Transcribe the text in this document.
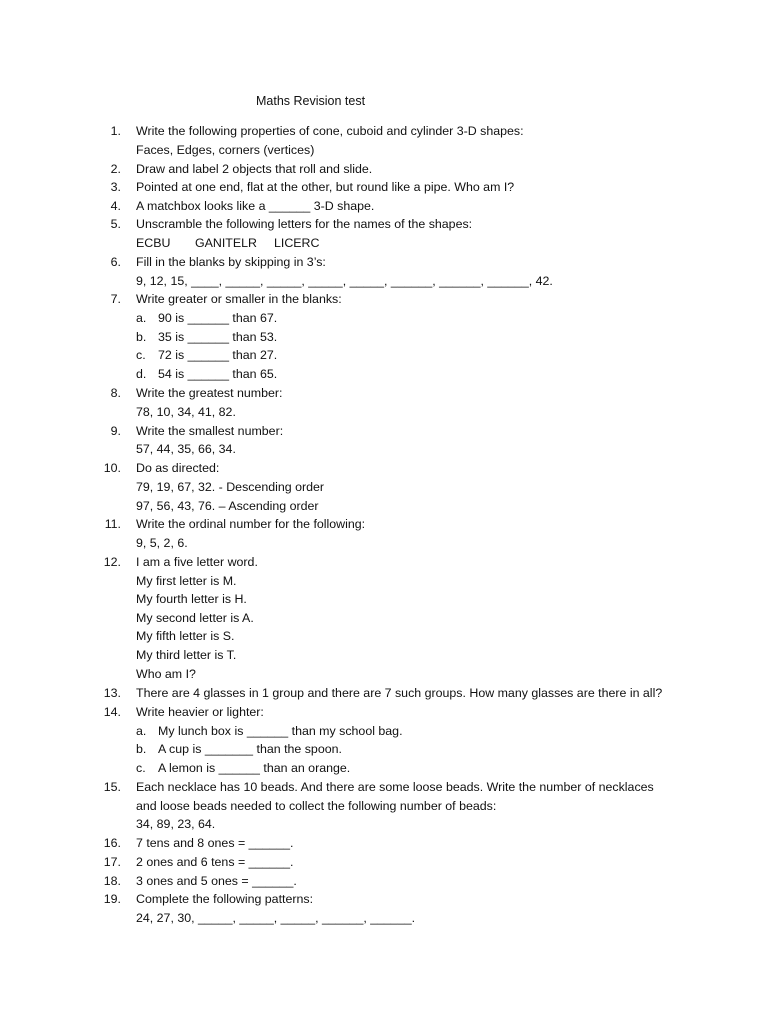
Maths Revision test
1. Write the following properties of cone, cuboid and cylinder 3-D shapes:
Faces, Edges, corners (vertices)
2. Draw and label 2 objects that roll and slide.
3. Pointed at one end, flat at the other, but round like a pipe. Who am I?
4. A matchbox looks like a ______ 3-D shape.
5. Unscramble the following letters for the names of the shapes:
ECBU GANITELR LICERC
6. Fill in the blanks by skipping in 3’s:
9, 12, 15, ____, _____, _____, _____, _____, ______, ______, ______, 42.
7. Write greater or smaller in the blanks:
a. 90 is ______ than 67.
b. 35 is ______ than 53.
c. 72 is ______ than 27.
d. 54 is ______ than 65.
8. Write the greatest number:
78, 10, 34, 41, 82.
9. Write the smallest number:
57, 44, 35, 66, 34.
10. Do as directed:
79, 19, 67, 32. - Descending order
97, 56, 43, 76. – Ascending order
11. Write the ordinal number for the following:
9, 5, 2, 6.
12. I am a five letter word.
My first letter is M.
My fourth letter is H.
My second letter is A.
My fifth letter is S.
My third letter is T.
Who am I?
13. There are 4 glasses in 1 group and there are 7 such groups. How many glasses are there in all?
14. Write heavier or lighter:
a. My lunch box is ______ than my school bag.
b. A cup is _______ than the spoon.
c. A lemon is ______ than an orange.
15. Each necklace has 10 beads. And there are some loose beads. Write the number of necklaces
and loose beads needed to collect the following number of beads:
34, 89, 23, 64.
16. 7 tens and 8 ones = ______.
17. 2 ones and 6 tens = ______.
18. 3 ones and 5 ones = ______.
19. Complete the following patterns:
24, 27, 30, _____, _____, _____, ______, ______.
